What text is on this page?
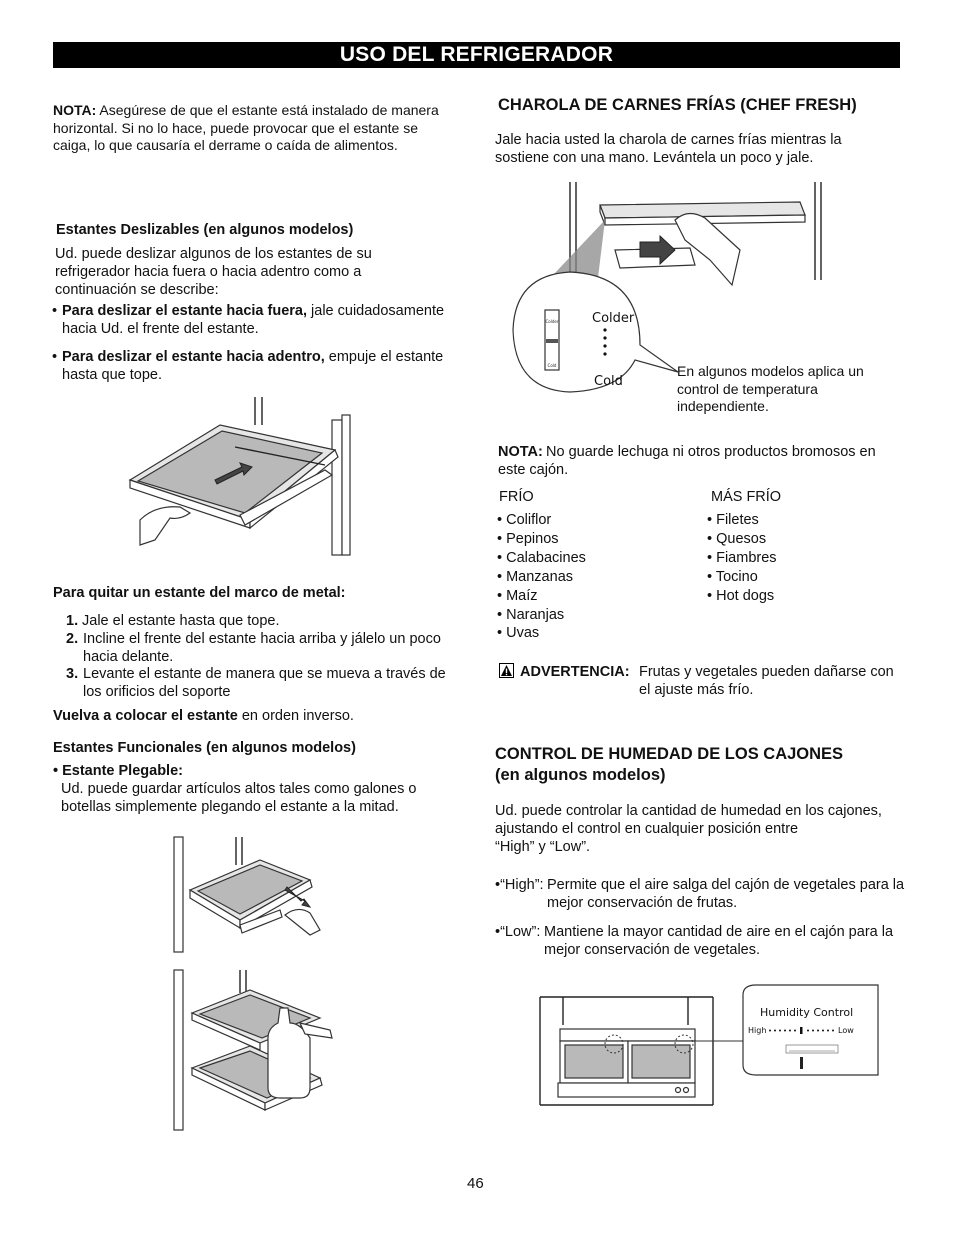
USO DEL REFRIGERADOR
NOTA: Asegúrese de que el estante está instalado de manera horizontal. Si no lo hace, puede provocar que el estante se caiga, lo que causaría el derrame o caída de alimentos.
Estantes Deslizables (en algunos modelos)
Ud. puede deslizar algunos de los estantes de su refrigerador hacia fuera o hacia adentro como a continuación se describe:
• Para deslizar el estante hacia fuera, jale cuidadosamente hacia Ud. el frente del estante.
• Para deslizar el estante hacia adentro, empuje el estante hasta que tope.
Para quitar un estante del marco de metal:
1. Jale el estante hasta que tope.
2. Incline el frente del estante hacia arriba y jálelo un poco hacia delante.
3. Levante el estante de manera que se mueva a través de los orificios del soporte
Vuelva a colocar el estante en orden inverso.
Estantes Funcionales (en algunos modelos)
• Estante Plegable:
Ud. puede guardar artículos altos tales como galones o botellas simplemente plegando el estante a la mitad.
CHAROLA DE CARNES FRÍAS (CHEF FRESH)
Jale hacia usted la charola de carnes frías mientras la sostiene con una mano. Levántela un poco y jale.
Colder
Cold
Colder
Cold
En algunos modelos aplica un control de temperatura independiente.
NOTA: No guarde lechuga ni otros productos bromosos en este cajón.
FRÍO	MÁS FRÍO
• Coliflor
• Pepinos
• Calabacines
• Manzanas
• Maíz
• Naranjas
• Uvas
• Filetes
• Quesos
• Fiambres
• Tocino
• Hot dogs
ADVERTENCIA: Frutas y vegetales pueden dañarse con el ajuste más frío.
CONTROL DE HUMEDAD DE LOS CAJONES
(en algunos modelos)
Ud. puede controlar la cantidad de humedad en los cajones, ajustando el control en cualquier posición entre
“High” y “Low”.
•“High”: Permite que el aire salga del cajón de vegetales para la mejor conservación de frutas.
•“Low”: Mantiene la mayor cantidad de aire en el cajón para la mejor conservación de vegetales.
Humidity Control
High	Low
46
